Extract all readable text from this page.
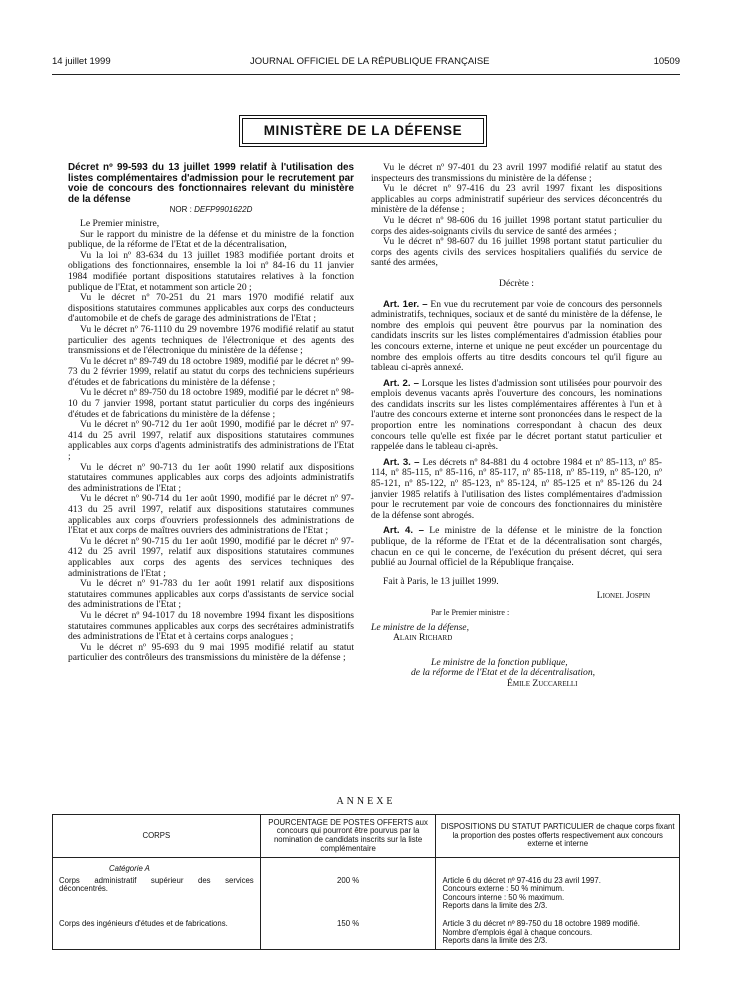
14 juillet 1999	JOURNAL OFFICIEL DE LA RÉPUBLIQUE FRANÇAISE	10509
MINISTÈRE DE LA DÉFENSE

Décret nº 99-593 du 13 juillet 1999 relatif à l'utilisation des listes complémentaires d'admission pour le recrutement par voie de concours des fonctionnaires relevant du ministère de la défense

NOR : DEFP9901622D

Le Premier ministre,

Sur le rapport du ministre de la défense et du ministre de la fonction publique, de la réforme de l'Etat et de la décentralisation,

Vu la loi nº 83-634 du 13 juillet 1983 modifiée portant droits et obligations des fonctionnaires, ensemble la loi nº 84-16 du 11 janvier 1984 modifiée portant dispositions statutaires relatives à la fonction publique de l'Etat, et notamment son article 20 ;

Vu le décret nº 70-251 du 21 mars 1970 modifié relatif aux dispositions statutaires communes applicables aux corps des conducteurs d'automobile et de chefs de garage des administrations de l'Etat ;

Vu le décret nº 76-1110 du 29 novembre 1976 modifié relatif au statut particulier des agents techniques de l'électronique et des agents des transmissions et de l'électronique du ministère de la défense ;

Vu le décret nº 89-749 du 18 octobre 1989, modifié par le décret nº 99-73 du 2 février 1999, relatif au statut du corps des techniciens supérieurs d'études et de fabrications du ministère de la défense ;

Vu le décret nº 89-750 du 18 octobre 1989, modifié par le décret nº 98-10 du 7 janvier 1998, portant statut particulier du corps des ingénieurs d'études et de fabrications du ministère de la défense ;

Vu le décret nº 90-712 du 1er août 1990, modifié par le décret nº 97-414 du 25 avril 1997, relatif aux dispositions statutaires communes applicables aux corps d'agents administratifs des administrations de l'Etat ;

Vu le décret nº 90-713 du 1er août 1990 relatif aux dispositions statutaires communes applicables aux corps des adjoints administratifs des administrations de l'Etat ;

Vu le décret nº 90-714 du 1er août 1990, modifié par le décret nº 97-413 du 25 avril 1997, relatif aux dispositions statutaires communes applicables aux corps d'ouvriers professionnels des administrations de l'Etat et aux corps de maîtres ouvriers des administrations de l'Etat ;

Vu le décret nº 90-715 du 1er août 1990, modifié par le décret nº 97-412 du 25 avril 1997, relatif aux dispositions statutaires communes applicables aux corps des agents des services techniques des administrations de l'Etat ;

Vu le décret nº 91-783 du 1er août 1991 relatif aux dispositions statutaires communes applicables aux corps d'assistants de service social des administrations de l'Etat ;

Vu le décret nº 94-1017 du 18 novembre 1994 fixant les dispositions statutaires communes applicables aux corps des secrétaires administratifs des administrations de l'Etat et à certains corps analogues ;

Vu le décret nº 95-693 du 9 mai 1995 modifié relatif au statut particulier des contrôleurs des transmissions du ministère de la défense ;

Vu le décret nº 97-401 du 23 avril 1997 modifié relatif au statut des inspecteurs des transmissions du ministère de la défense ;

Vu le décret nº 97-416 du 23 avril 1997 fixant les dispositions applicables au corps administratif supérieur des services déconcentrés du ministère de la défense ;

Vu le décret nº 98-606 du 16 juillet 1998 portant statut particulier du corps des aides-soignants civils du service de santé des armées ;

Vu le décret nº 98-607 du 16 juillet 1998 portant statut particulier du corps des agents civils des services hospitaliers qualifiés du service de santé des armées,

Décrète :

Art. 1er. – En vue du recrutement par voie de concours des personnels administratifs, techniques, sociaux et de santé du ministère de la défense, le nombre des emplois qui peuvent être pourvus par la nomination des candidats inscrits sur les listes complémentaires d'admission établies pour les concours externe, interne et unique ne peut excéder un pourcentage du nombre des emplois offerts au titre desdits concours tel qu'il figure au tableau ci-après annexé.

Art. 2. – Lorsque les listes d'admission sont utilisées pour pourvoir des emplois devenus vacants après l'ouverture des concours, les nominations des candidats inscrits sur les listes complémentaires afférentes à l'un et à l'autre des concours externe et interne sont prononcées dans le respect de la proportion entre les nominations correspondant à chacun des deux concours telle qu'elle est fixée par le décret portant statut particulier et rappelée dans le tableau ci-après.

Art. 3. – Les décrets nº 84-881 du 4 octobre 1984 et nº 85-113, nº 85-114, nº 85-115, nº 85-116, nº 85-117, nº 85-118, nº 85-119, nº 85-120, nº 85-121, nº 85-122, nº 85-123, nº 85-124, nº 85-125 et nº 85-126 du 24 janvier 1985 relatifs à l'utilisation des listes complémentaires d'admission pour le recrutement par voie de concours des fonctionnaires du ministère de la défense sont abrogés.

Art. 4. – Le ministre de la défense et le ministre de la fonction publique, de la réforme de l'Etat et de la décentralisation sont chargés, chacun en ce qui le concerne, de l'exécution du présent décret, qui sera publié au Journal officiel de la République française.

Fait à Paris, le 13 juillet 1999.

Lionel Jospin

Par le Premier ministre :

Le ministre de la défense,

Alain Richard

Le ministre de la fonction publique,

de la réforme de l'Etat et de la décentralisation,

Émile Zuccarelli

ANNEXE
CORPS	POURCENTAGE DE POSTES OFFERTS aux concours qui pourront être pourvus par la nomination de candidats inscrits sur la liste complémentaire	DISPOSITIONS DU STATUT PARTICULIER de chaque corps fixant la proportion des postes offerts respectivement aux concours externe et interne
Catégorie A		
Corps administratif supérieur des services déconcentrés.	200 %	Article 6 du décret nº 97-416 du 23 avril 1997.
Concours externe : 50 % minimum.
Concours interne : 50 % maximum.
Reports dans la limite des 2/3.

Corps des ingénieurs d'études et de fabrications.	150 %	Article 3 du décret nº 89-750 du 18 octobre 1989 modifié.
Nombre d'emplois égal à chaque concours.
Reports dans la limite des 2/3.
